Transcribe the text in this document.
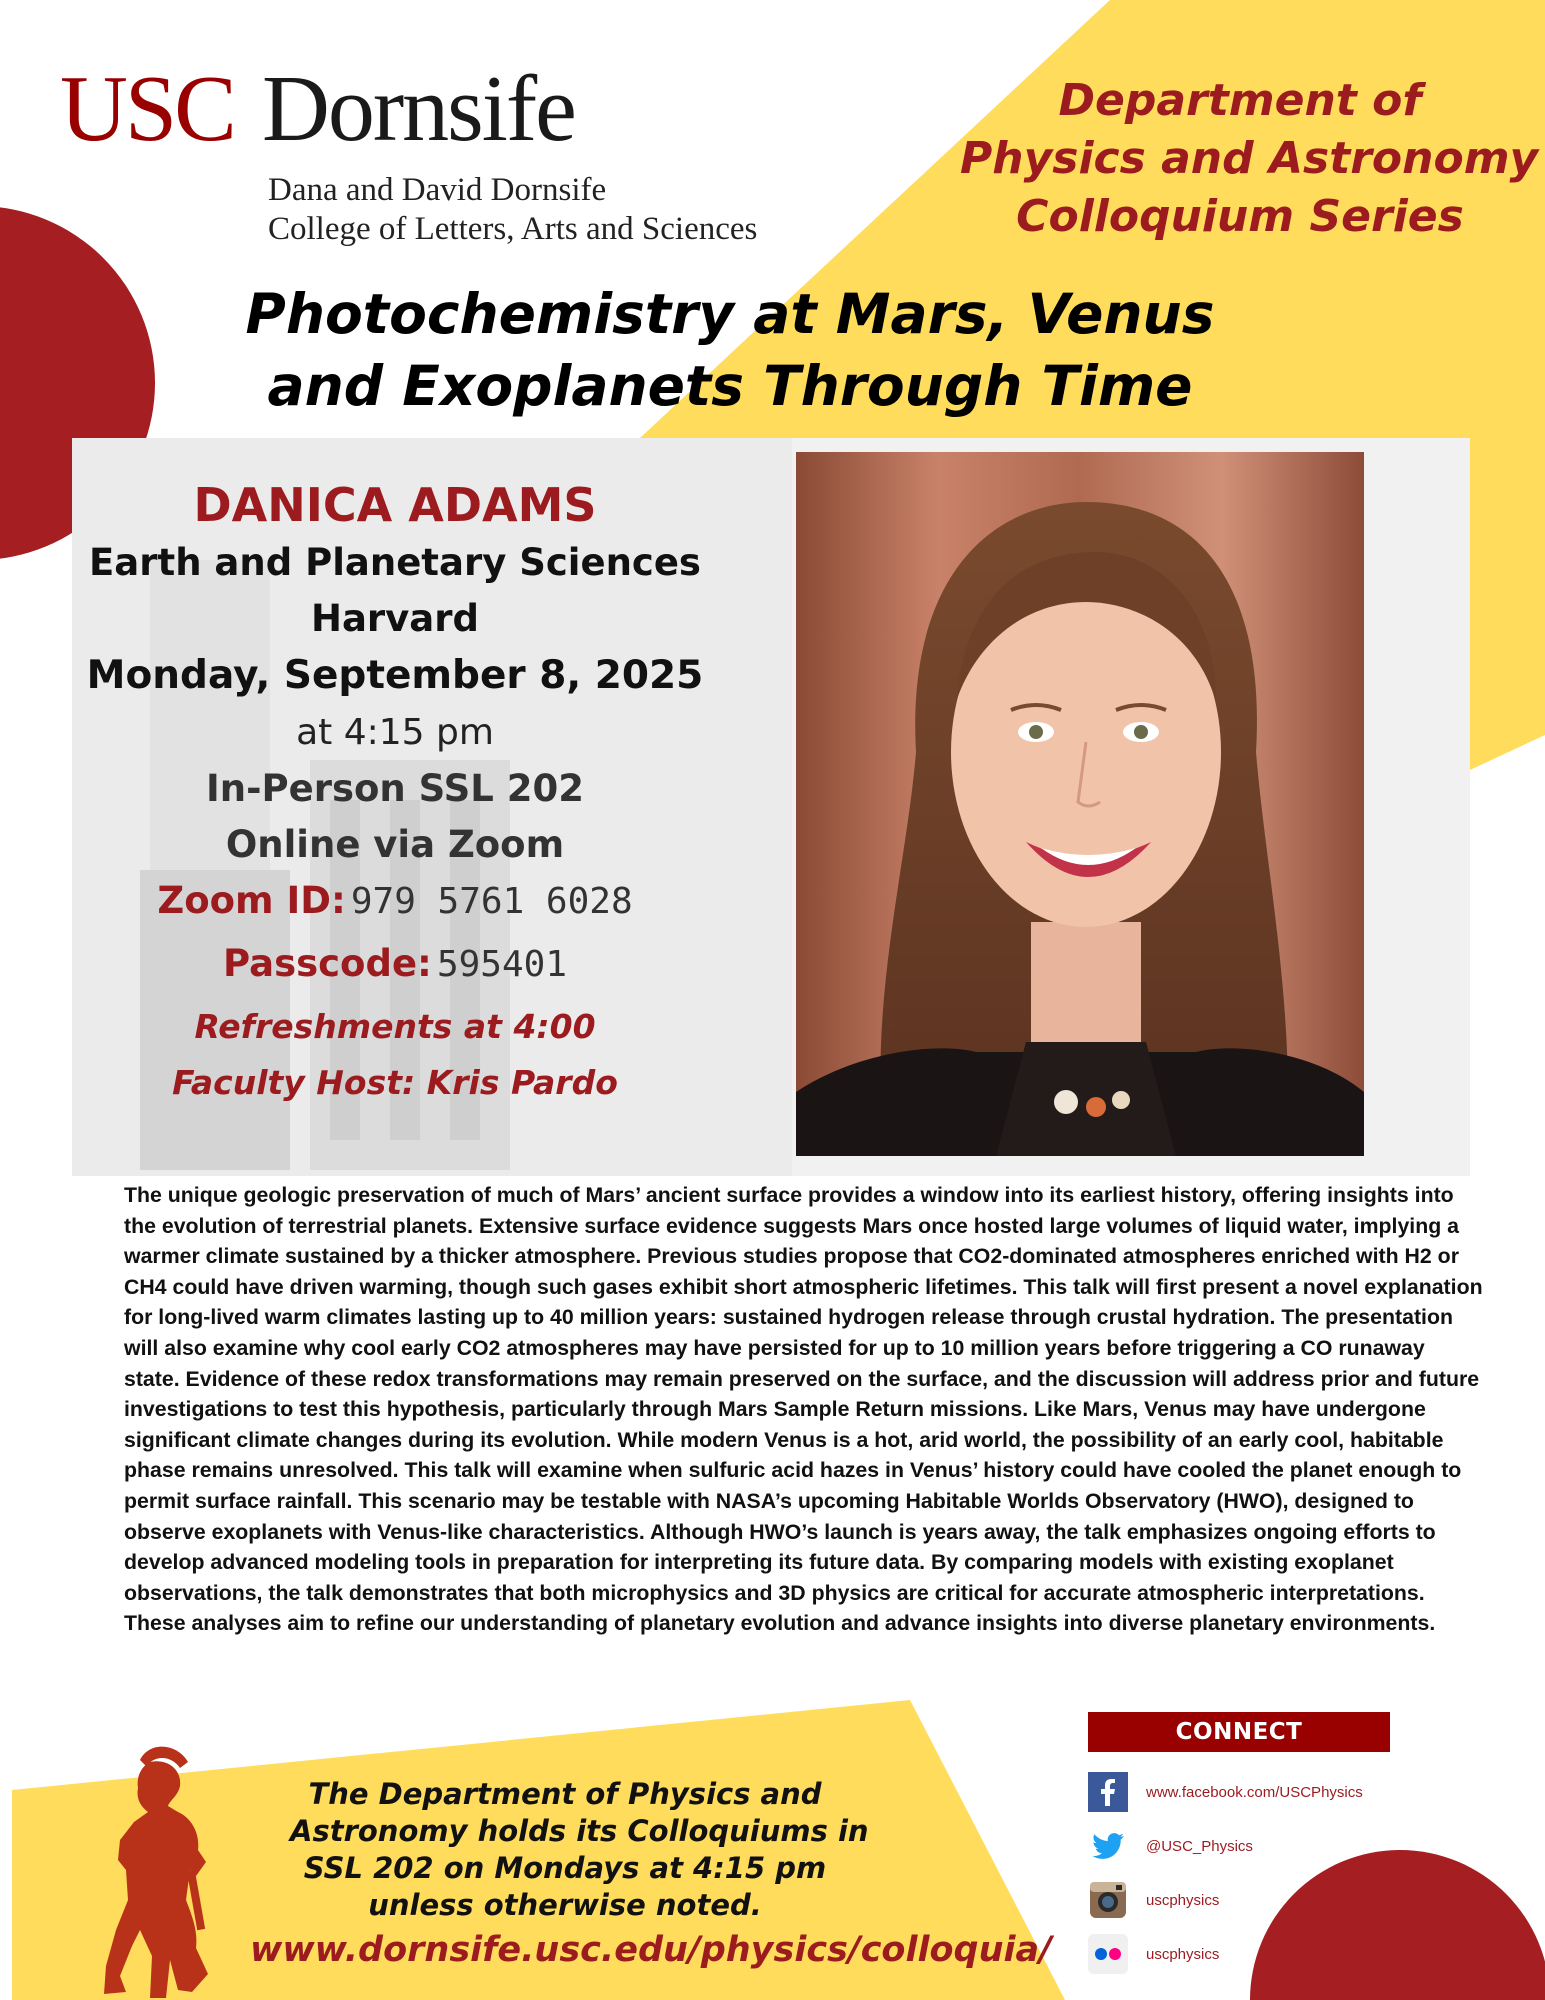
USC Dornsife
Dana and David Dornsife
College of Letters, Arts and Sciences
Department of
Physics and Astronomy
Colloquium Series
Photochemistry at Mars, Venus
and Exoplanets Through Time
DANICA ADAMS
Earth and Planetary Sciences
Harvard
Monday, September 8, 2025
at 4:15 pm
In-Person SSL 202
Online via Zoom
Zoom ID: 979 5761 6028
Passcode: 595401
Refreshments at 4:00
Faculty Host: Kris Pardo
The unique geologic preservation of much of Mars’ ancient surface provides a window into its earliest history, offering insights into the evolution of terrestrial planets. Extensive surface evidence suggests Mars once hosted large volumes of liquid water, implying a warmer climate sustained by a thicker atmosphere. Previous studies propose that CO2-dominated atmospheres enriched with H2 or CH4 could have driven warming, though such gases exhibit short atmospheric lifetimes. This talk will first present a novel explanation for long-lived warm climates lasting up to 40 million years: sustained hydrogen release through crustal hydration. The presentation will also examine why cool early CO2 atmospheres may have persisted for up to 10 million years before triggering a CO runaway state. Evidence of these redox transformations may remain preserved on the surface, and the discussion will address prior and future investigations to test this hypothesis, particularly through Mars Sample Return missions. Like Mars, Venus may have undergone significant climate changes during its evolution. While modern Venus is a hot, arid world, the possibility of an early cool, habitable phase remains unresolved. This talk will examine when sulfuric acid hazes in Venus’ history could have cooled the planet enough to permit surface rainfall. This scenario may be testable with NASA’s upcoming Habitable Worlds Observatory (HWO), designed to observe exoplanets with Venus-like characteristics. Although HWO’s launch is years away, the talk emphasizes ongoing efforts to develop advanced modeling tools in preparation for interpreting its future data. By comparing models with existing exoplanet observations, the talk demonstrates that both microphysics and 3D physics are critical for accurate atmospheric interpretations. These analyses aim to refine our understanding of planetary evolution and advance insights into diverse planetary environments.
CONNECT
www.facebook.com/USCPhysics
@USC_Physics
uscphysics
uscphysics
The Department of Physics and
Astronomy holds its Colloquiums in
SSL 202 on Mondays at 4:15 pm
unless otherwise noted.
www.dornsife.usc.edu/physics/colloquia/
